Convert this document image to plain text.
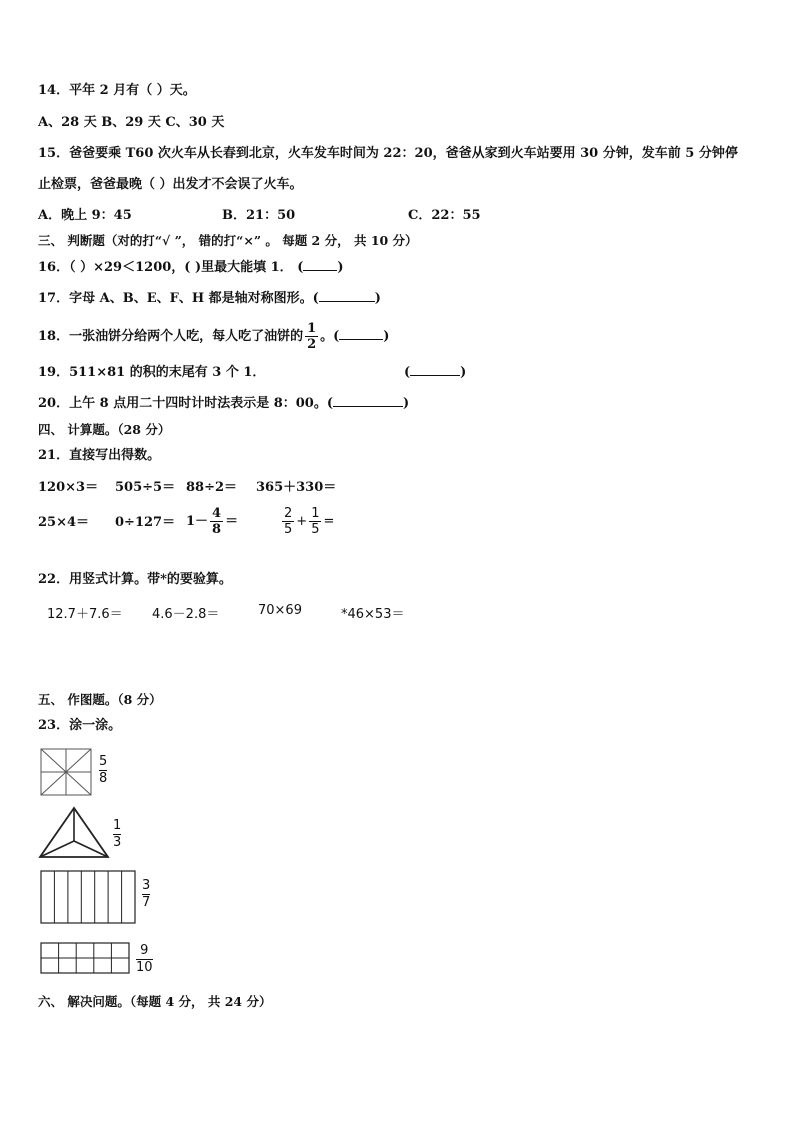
14．平年 2 月有（ ）天。
A、28 天 B、29 天 C、30 天
15．爸爸要乘 T60 次火车从长春到北京，火车发车时间为 22：20，爸爸从家到火车站要用 30 分钟，发车前 5 分钟停
止检票，爸爸最晚（ ）出发才不会误了火车。
A．晚上 9：45	B．21：50	C．22：55
三、 判断题（对的打“√ ”， 错的打“×” 。 每题 2 分， 共 10 分）
16．（ ）×29＜1200，( )里最大能填 1． (	)
17．字母 A、B、E、F、H 都是轴对称图形。(	)
18．一张油饼分给两个人吃，每人吃了油饼的 $\frac{1}{2}$ 。(	)
19．511×81 的积的末尾有 3 个 1．	(	)
20．上午 8 点用二十四时计时法表示是 8：00。(	)
四、 计算题。（28 分）
21．直接写出得数。
120×3＝ 505÷5＝ 88÷2＝ 365＋330＝
$25\times 4= 0\div 127= 1- \frac{4}{8}$ ＝	$\frac{2}{5} + \frac{1}{5}$ =
22．用竖式计算。带*的要验算。
12.7＋7.6＝ 4.6－2.8＝	70×69	*46×53＝
五、 作图题。（8 分）
23．涂一涂。
$\frac{5}{8}$
$\frac{1}{3}$
$\frac{3}{7}$
$\frac{9}{10}$
六、 解决问题。（每题 4 分， 共 24 分）
